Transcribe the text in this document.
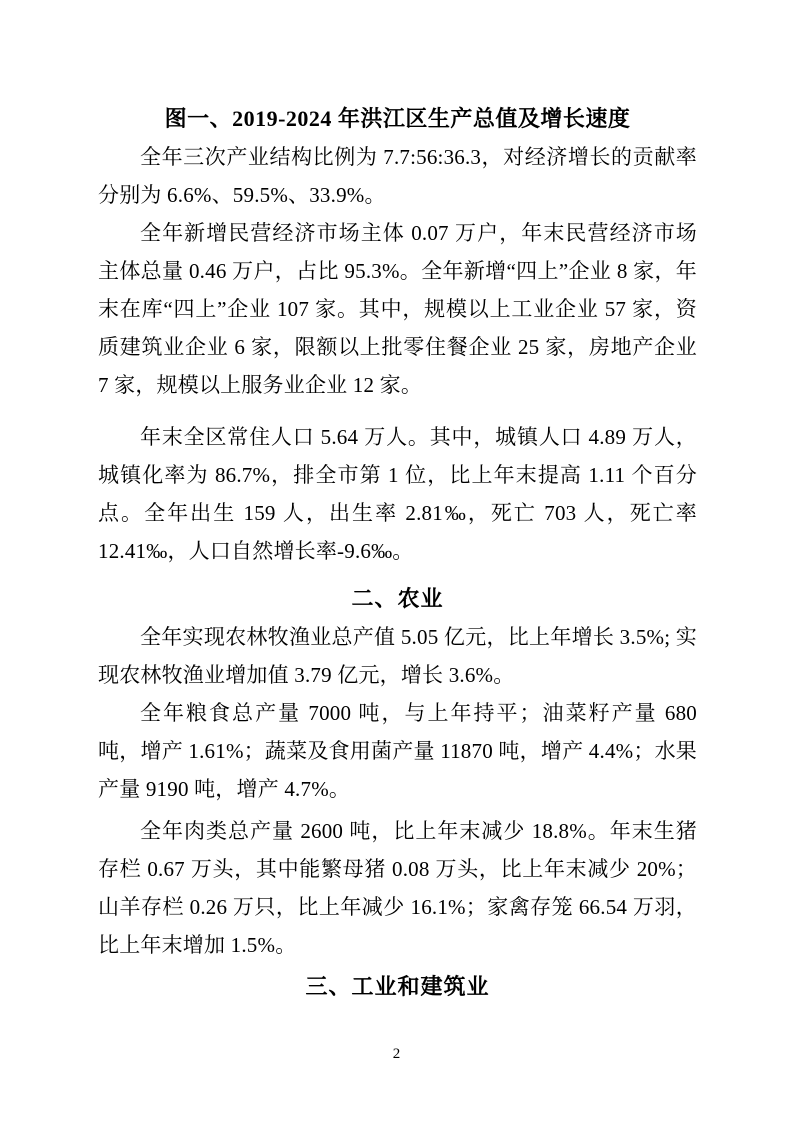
图一、2019-2024 年洪江区生产总值及增长速度

全年三次产业结构比例为 7.7:56:36.3，对经济增长的贡献率分别为 6.6%、59.5%、33.9%。

全年新增民营经济市场主体 0.07 万户，年末民营经济市场主体总量 0.46 万户，占比 95.3%。全年新增“四上”企业 8 家，年末在库“四上”企业 107 家。其中，规模以上工业企业 57 家，资质建筑业企业 6 家，限额以上批零住餐企业 25 家，房地产企业 7 家，规模以上服务业企业 12 家。

年末全区常住人口 5.64 万人。其中，城镇人口 4.89 万人，城镇化率为 86.7%，排全市第 1 位，比上年末提高 1.11 个百分点。全年出生 159 人，出生率 2.81‰，死亡 703 人，死亡率 12.41‰，人口自然增长率-9.6‰。

二、农业

全年实现农林牧渔业总产值 5.05 亿元，比上年增长 3.5%; 实现农林牧渔业增加值 3.79 亿元，增长 3.6%。

全年粮食总产量 7000 吨，与上年持平；油菜籽产量 680 吨，增产 1.61%；蔬菜及食用菌产量 11870 吨，增产 4.4%；水果产量 9190 吨，增产 4.7%。

全年肉类总产量 2600 吨，比上年末减少 18.8%。年末生猪存栏 0.67 万头，其中能繁母猪 0.08 万头，比上年末减少 20%；山羊存栏 0.26 万只，比上年减少 16.1%；家禽存笼 66.54 万羽，比上年末增加 1.5%。

三、工业和建筑业
2
